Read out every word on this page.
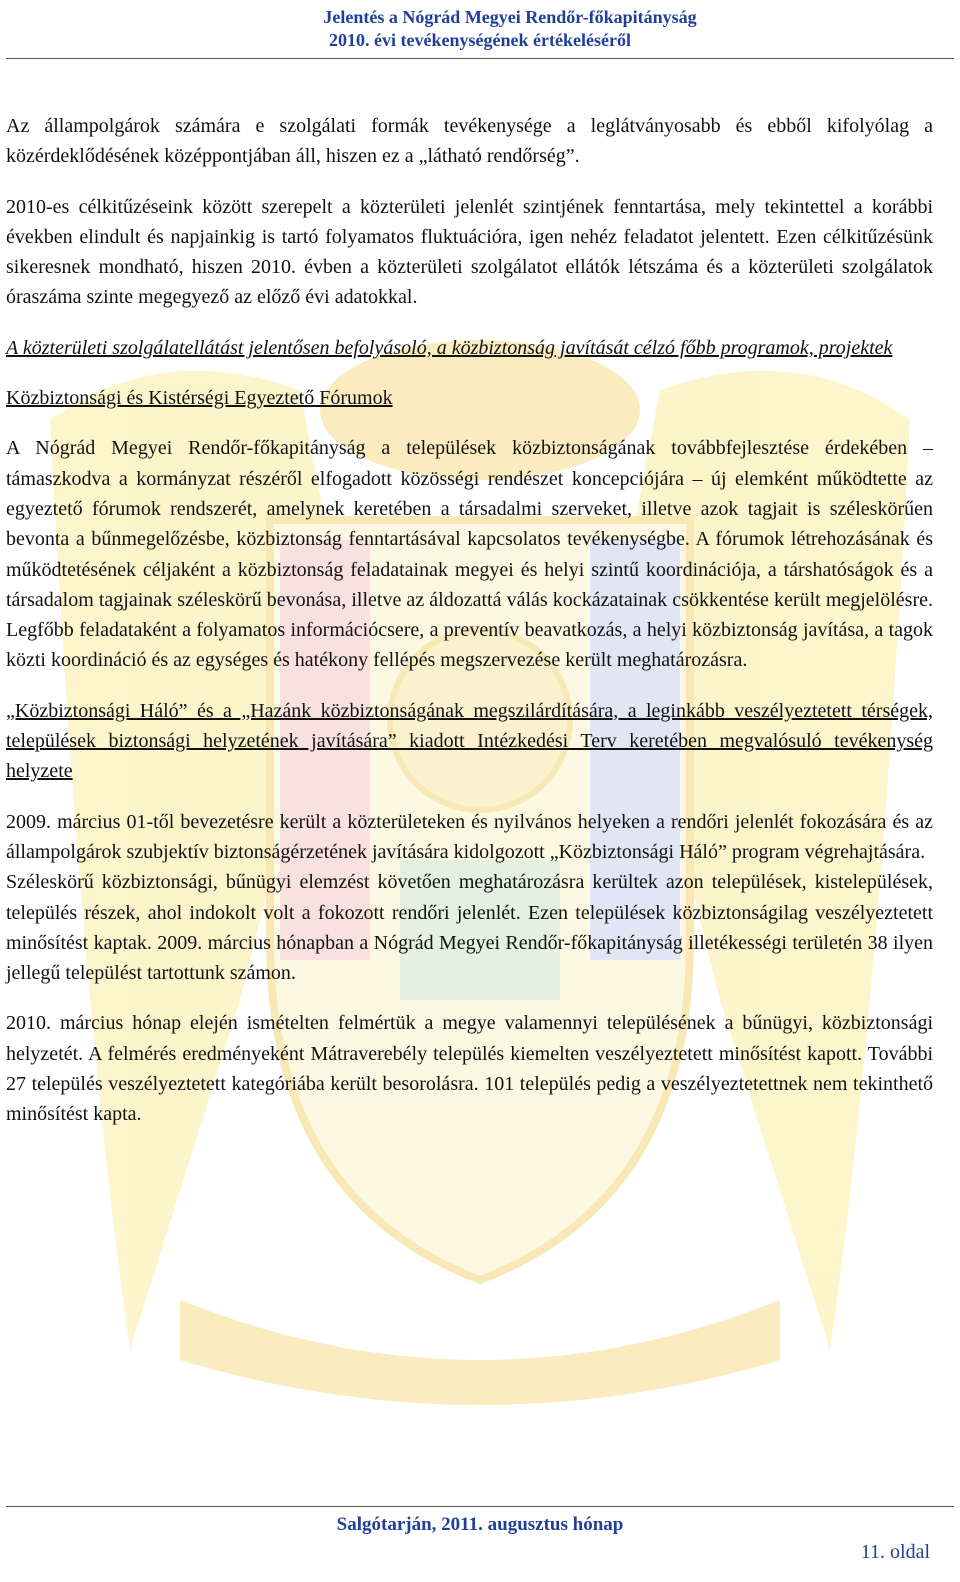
Jelentés a Nógrád Megyei Rendőr-főkapitányság
2010. évi tevékenységének értékeléséről

Az állampolgárok számára e szolgálati formák tevékenysége a leglátványosabb és ebből kifolyólag a közérdeklődésének középpontjában áll, hiszen ez a „látható rendőrség”.

2010-es célkitűzéseink között szerepelt a közterületi jelenlét szintjének fenntartása, mely tekintettel a korábbi években elindult és napjainkig is tartó folyamatos fluktuációra, igen nehéz feladatot jelentett. Ezen célkitűzésünk sikeresnek mondható, hiszen 2010. évben a közterületi szolgálatot ellátók létszáma és a közterületi szolgálatok óraszáma szinte megegyező az előző évi adatokkal.

A közterületi szolgálatellátást jelentősen befolyásoló, a közbiztonság javítását célzó főbb programok, projektek

Közbiztonsági és Kistérségi Egyeztető Fórumok

A Nógrád Megyei Rendőr-főkapitányság a települések közbiztonságának továbbfejlesztése érdekében – támaszkodva a kormányzat részéről elfogadott közösségi rendészet koncepciójára – új elemként működtette az egyeztető fórumok rendszerét, amelynek keretében a társadalmi szerveket, illetve azok tagjait is széleskörűen bevonta a bűnmegelőzésbe, közbiztonság fenntartásával kapcsolatos tevékenységbe. A fórumok létrehozásának és működtetésének céljaként a közbiztonság feladatainak megyei és helyi szintű koordinációja, a társhatóságok és a társadalom tagjainak széleskörű bevonása, illetve az áldozattá válás kockázatainak csökkentése került megjelölésre. Legfőbb feladataként a folyamatos információcsere, a preventív beavatkozás, a helyi közbiztonság javítása, a tagok közti koordináció és az egységes és hatékony fellépés megszervezése került meghatározásra.

„Közbiztonsági Háló” és a „Hazánk közbiztonságának megszilárdítására, a leginkább veszélyeztetett térségek, települések biztonsági helyzetének javítására” kiadott Intézkedési Terv keretében megvalósuló tevékenység helyzete

2009. március 01-től bevezetésre került a közterületeken és nyilvános helyeken a rendőri jelenlét fokozására és az állampolgárok szubjektív biztonságérzetének javítására kidolgozott „Közbiztonsági Háló” program végrehajtására.

Széleskörű közbiztonsági, bűnügyi elemzést követően meghatározásra kerültek azon települések, kistelepülések, település részek, ahol indokolt volt a fokozott rendőri jelenlét. Ezen települések közbiztonságilag veszélyeztetett minősítést kaptak. 2009. március hónapban a Nógrád Megyei Rendőr-főkapitányság illetékességi területén 38 ilyen jellegű települést tartottunk számon.

2010. március hónap elején ismételten felmértük a megye valamennyi településének a bűnügyi, közbiztonsági helyzetét. A felmérés eredményeként Mátraverebély település kiemelten veszélyeztetett minősítést kapott. További 27 település veszélyeztetett kategóriába került besorolásra. 101 település pedig a veszélyeztetettnek nem tekinthető minősítést kapta.

Salgótarján, 2011. augusztus hónap
11. oldal
